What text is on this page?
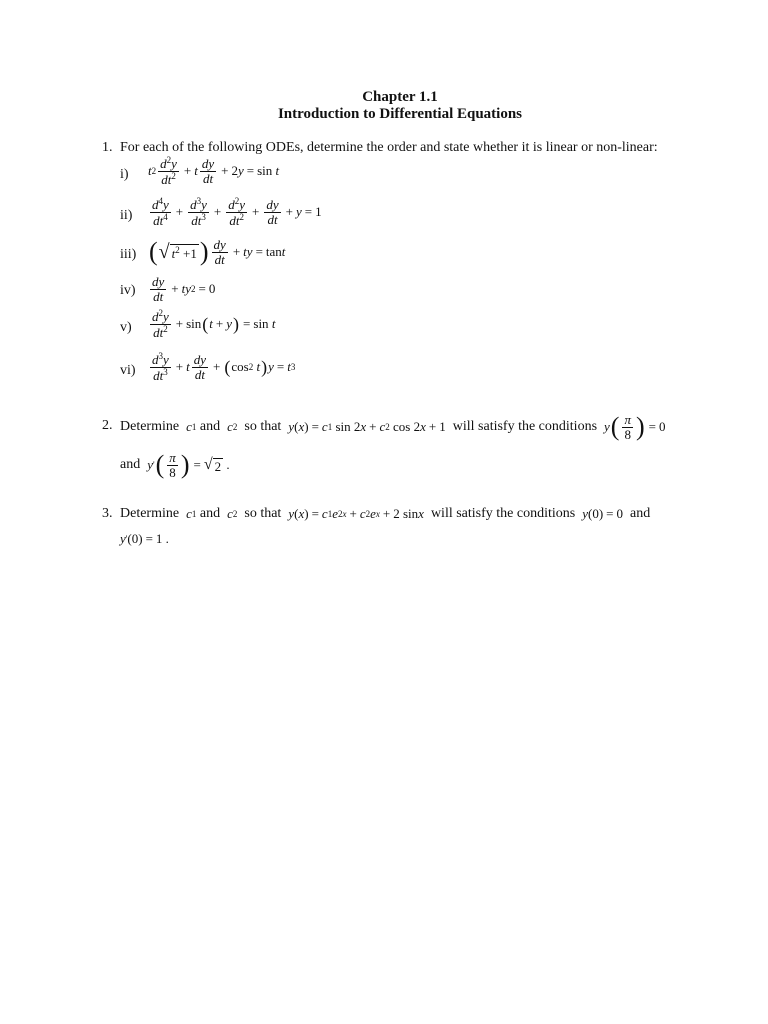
Chapter 1.1
Introduction to Differential Equations
1. For each of the following ODEs, determine the order and state whether it is linear or non-linear:
i) t $2 \frac{d^2y}{dt^2} + t \frac{dy}{dt} + 2$ y = sin t
$ii) \frac{d^4y}{dt^4} + \frac{d^3y}{dt^3} + \frac{d^2y}{dt^2} + \frac{dy}{dt} + y = 1$
iii) ( √ $t^2 +1$ ) $\frac{dy}{dt}$ + ty = tan t
$iv) \frac{dy}{dt}$ + ty 2 = 0
$v) \frac{d^2y}{dt^2} + \sin$ ( t + y ) = sin t
$vi) \frac{d^3y}{dt^3} + t \frac{dy}{dt}$ + ( cos 2
t ) y = t 3
2. Determine
c 1
and
c 2
so that
y ( x ) = c 1 sin 2 x + c 2 cos 2 x + 1
will satisfy the conditions
y ( $\frac{\pi}{8}$ ) = 0
and
y ' ( $\frac{\pi}{8}$ ) = √ 2 .
3. Determine
c 1
and
c 2
so that
y ( x ) = c 1 e 2x + c 2 e x + 2 sin x
will satisfy the conditions
y (0) = 0
and
y ' (0) = 1 .
